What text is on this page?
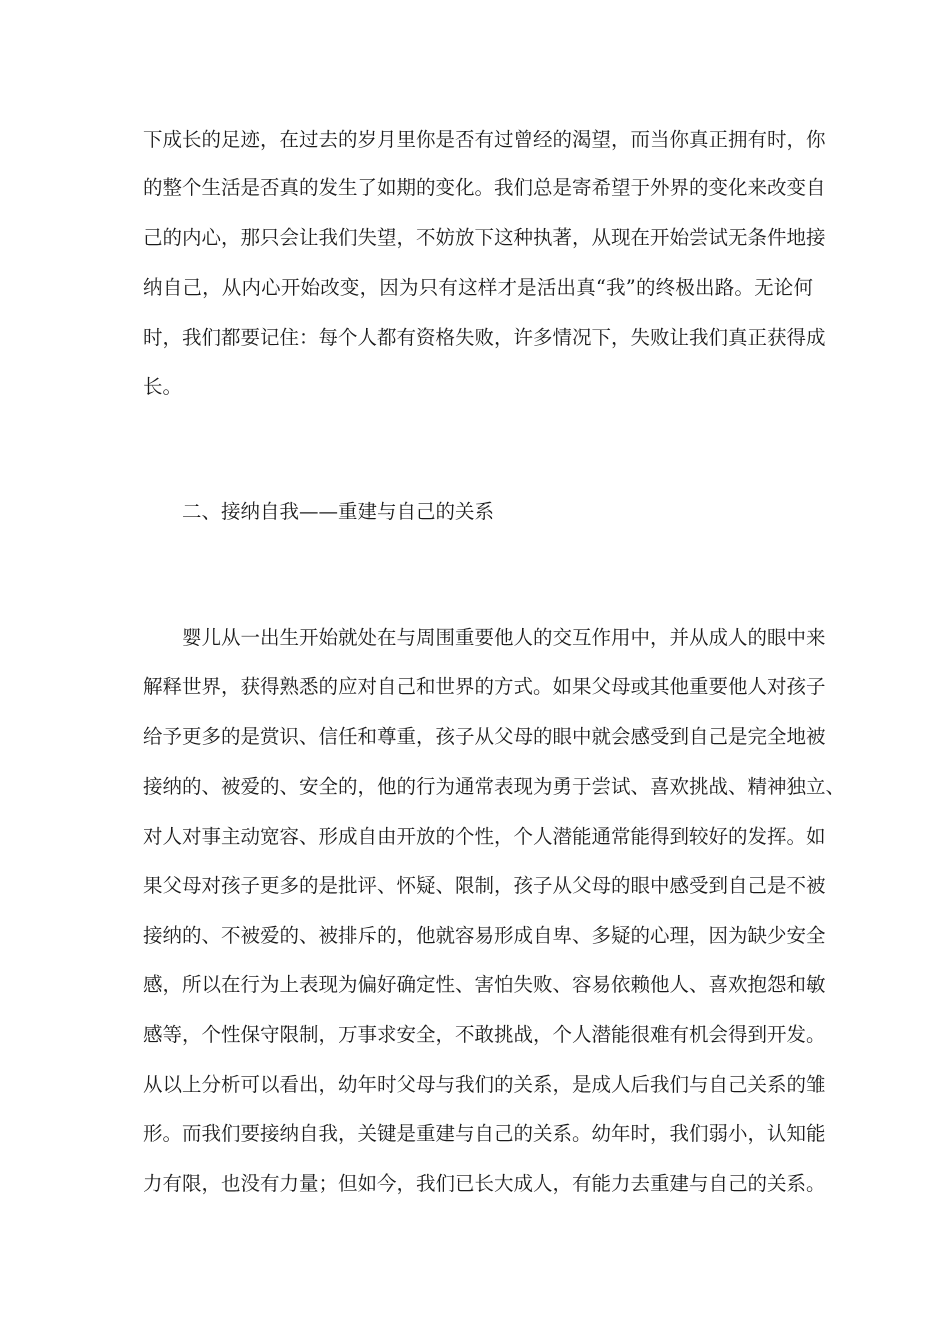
下成长的足迹，在过去的岁月里你是否有过曾经的渴望，而当你真正拥有时，你
的整个生活是否真的发生了如期的变化。我们总是寄希望于外界的变化来改变自
己的内心，那只会让我们失望，不妨放下这种执著，从现在开始尝试无条件地接
纳自己，从内心开始改变，因为只有这样才是活出真“我”的终极出路。无论何
时，我们都要记住：每个人都有资格失败，许多情况下，失败让我们真正获得成
长。
二、接纳自我——重建与自己的关系
婴儿从一出生开始就处在与周围重要他人的交互作用中，并从成人的眼中来
解释世界，获得熟悉的应对自己和世界的方式。如果父母或其他重要他人对孩子
给予更多的是赏识、信任和尊重，孩子从父母的眼中就会感受到自己是完全地被
接纳的、被爱的、安全的，他的行为通常表现为勇于尝试、喜欢挑战、精神独立、
对人对事主动宽容、形成自由开放的个性，个人潜能通常能得到较好的发挥。如
果父母对孩子更多的是批评、怀疑、限制，孩子从父母的眼中感受到自己是不被
接纳的、不被爱的、被排斥的，他就容易形成自卑、多疑的心理，因为缺少安全
感，所以在行为上表现为偏好确定性、害怕失败、容易依赖他人、喜欢抱怨和敏
感等，个性保守限制，万事求安全，不敢挑战，个人潜能很难有机会得到开发。
从以上分析可以看出，幼年时父母与我们的关系，是成人后我们与自己关系的雏
形。而我们要接纳自我，关键是重建与自己的关系。幼年时，我们弱小，认知能
力有限，也没有力量；但如今，我们已长大成人，有能力去重建与自己的关系。
